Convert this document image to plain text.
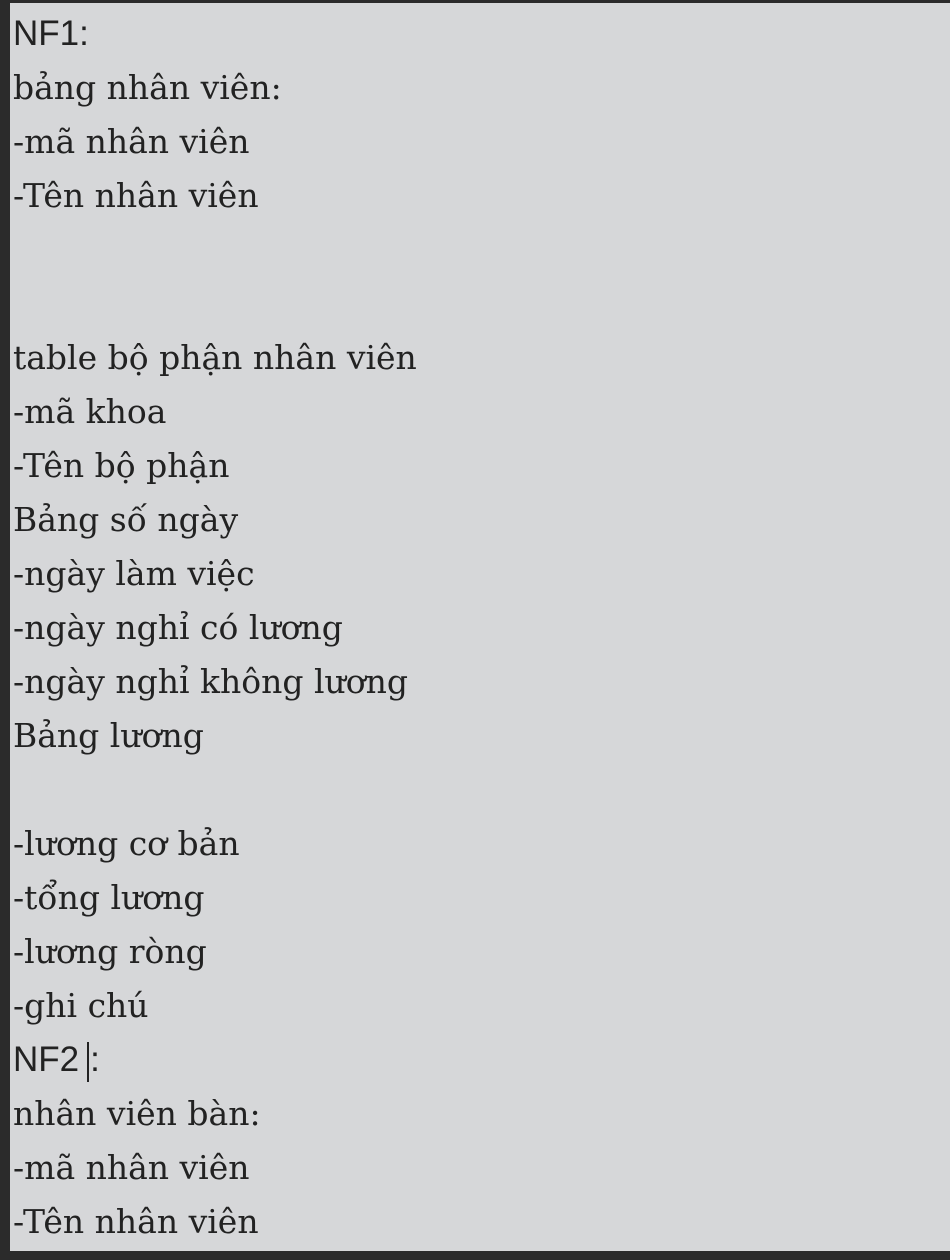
NF1:
bảng nhân viên:
-mã nhân viên
-Tên nhân viên
table bộ phận nhân viên
-mã khoa
-Tên bộ phận
Bảng số ngày
-ngày làm việc
-ngày nghỉ có lương
-ngày nghỉ không lương
Bảng lương
-lương cơ bản
-tổng lương
-lương ròng
-ghi chú
NF2 :
nhân viên bàn:
-mã nhân viên
-Tên nhân viên
